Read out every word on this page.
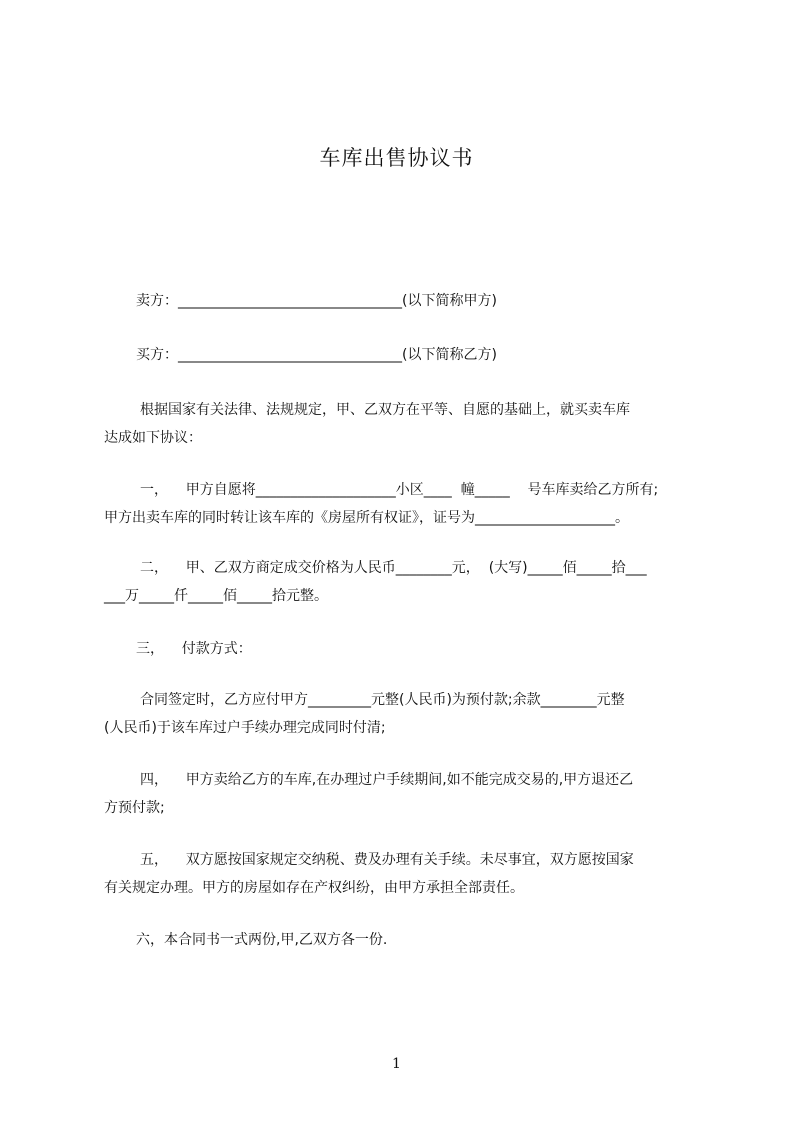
车库出售协议书
卖方：________________________________(以下简称甲方)
买方：________________________________(以下简称乙方)
根据国家有关法律、法规规定，甲、乙双方在平等、自愿的基础上，就买卖车库
达成如下协议：
一，    甲方自愿将____________________小区____  幢_____    号车库卖给乙方所有;
甲方出卖车库的同时转让该车库的《房屋所有权证》，证号为____________________。
二，    甲、乙双方商定成交价格为人民币________元，  (大写)_____佰_____拾___
___万_____仟_____佰_____拾元整。
三，    付款方式：
合同签定时，乙方应付甲方_________元整(人民币)为预付款;余款________元整
(人民币)于该车库过户手续办理完成同时付清;
四，    甲方卖给乙方的车库,在办理过户手续期间,如不能完成交易的,甲方退还乙
方预付款;
五，    双方愿按国家规定交纳税、费及办理有关手续。未尽事宜，双方愿按国家
有关规定办理。甲方的房屋如存在产权纠纷，由甲方承担全部责任。
六，本合同书一式两份,甲,乙双方各一份.
1
